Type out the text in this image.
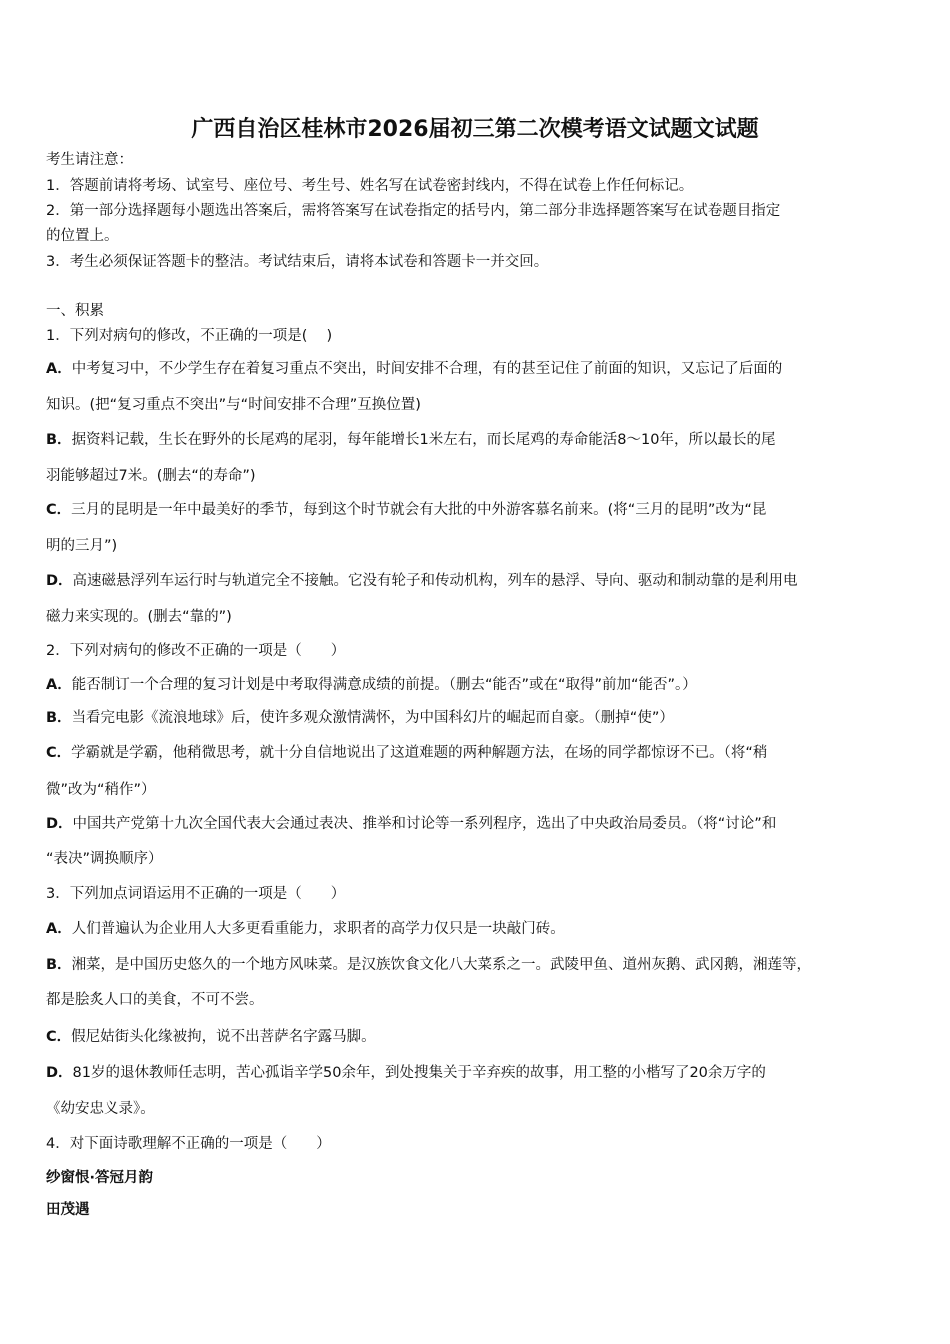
广西自治区桂林市2026届初三第二次模考语文试题文试题
考生请注意：
1．答题前请将考场、试室号、座位号、考生号、姓名写在试卷密封线内，不得在试卷上作任何标记。
2．第一部分选择题每小题选出答案后，需将答案写在试卷指定的括号内，第二部分非选择题答案写在试卷题目指定
的位置上。
3．考生必须保证答题卡的整洁。考试结束后，请将本试卷和答题卡一并交回。
一、积累
1．下列对病句的修改，不正确的一项是(　 )
A．中考复习中，不少学生存在着复习重点不突出，时间安排不合理，有的甚至记住了前面的知识，又忘记了后面的
知识。(把“复习重点不突出”与“时间安排不合理”互换位置)
B．据资料记载，生长在野外的长尾鸡的尾羽，每年能增长1米左右，而长尾鸡的寿命能活8～10年，所以最长的尾
羽能够超过7米。(删去“的寿命”)
C．三月的昆明是一年中最美好的季节，每到这个时节就会有大批的中外游客慕名前来。(将“三月的昆明”改为“昆
明的三月”)
D．高速磁悬浮列车运行时与轨道完全不接触。它没有轮子和传动机构，列车的悬浮、导向、驱动和制动靠的是利用电
磁力来实现的。(删去“靠的”)
2．下列对病句的修改不正确的一项是（　　）
A．能否制订一个合理的复习计划是中考取得满意成绩的前提。（删去“能否”或在“取得”前加“能否”。）
B．当看完电影《流浪地球》后，使许多观众激情满怀，为中国科幻片的崛起而自豪。（删掉“使”）
C．学霸就是学霸，他稍微思考，就十分自信地说出了这道难题的两种解题方法，在场的同学都惊讶不已。（将“稍
微”改为“稍作”）
D．中国共产党第十九次全国代表大会通过表决、推举和讨论等一系列程序，选出了中央政治局委员。（将“讨论”和
“表决”调换顺序）
3．下列加点词语运用不正确的一项是（　　）
A．人们普遍认为企业用人大多更看重能力，求职者的高学力仅只是一块敲门砖。
B．湘菜，是中国历史悠久的一个地方风味菜。是汉族饮食文化八大菜系之一。武陵甲鱼、道州灰鹅、武冈鹅，湘莲等，
都是脍炙人口的美食，不可不尝。
C．假尼姑街头化缘被拘，说不出菩萨名字露马脚。
D．81岁的退休教师任志明，苦心孤诣辛学50余年，到处搜集关于辛弃疾的故事，用工整的小楷写了20余万字的
《幼安忠义录》。
4．对下面诗歌理解不正确的一项是（　　）
纱窗恨·答冠月韵
田茂遇
